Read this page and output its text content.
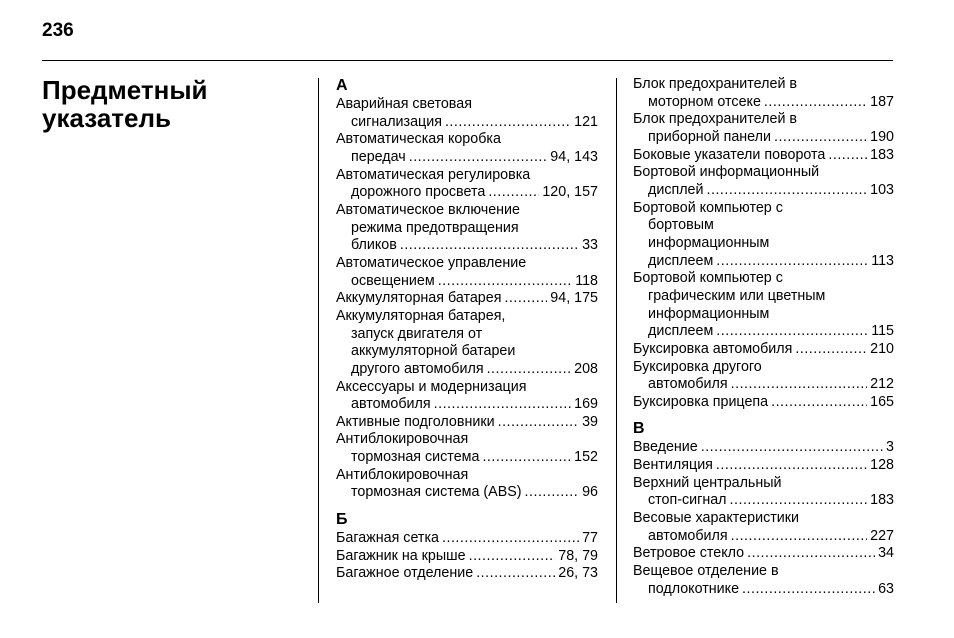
236
Предметный
указатель
А
Аварийная световая
сигнализация .....	121
Автоматическая коробка
передач .....	94, 143
Автоматическая регулировка
дорожного просвета .....	120, 157
Автоматическое включение
режима предотвращения
бликов .....	33
Автоматическое управление
освещением .....	118
Аккумуляторная батарея .....	94, 175
Аккумуляторная батарея,
запуск двигателя от
аккумуляторной батареи
другого автомобиля .....	208
Аксессуары и модернизация
автомобиля .....	169
Активные подголовники .....	39
Антиблокировочная
тормозная система .....	152
Антиблокировочная
тормозная система (ABS) .....	96
Б
Багажная сетка .....	77
Багажник на крыше .....	78, 79
Багажное отделение .....	26, 73
Блок предохранителей в
моторном отсеке .....	187
Блок предохранителей в
приборной панели .....	190
Боковые указатели поворота .....	183
Бортовой информационный
дисплей .....	103
Бортовой компьютер с
бортовым
информационным
дисплеем .....	113
Бортовой компьютер с
графическим или цветным
информационным
дисплеем .....	115
Буксировка автомобиля .....	210
Буксировка другого
автомобиля .....	212
Буксировка прицепа .....	165
В
Введение .....	3
Вентиляция .....	128
Верхний центральный
стоп-сигнал .....	183
Весовые характеристики
автомобиля .....	227
Ветровое стекло .....	34
Вещевое отделение в
подлокотнике .....	63
